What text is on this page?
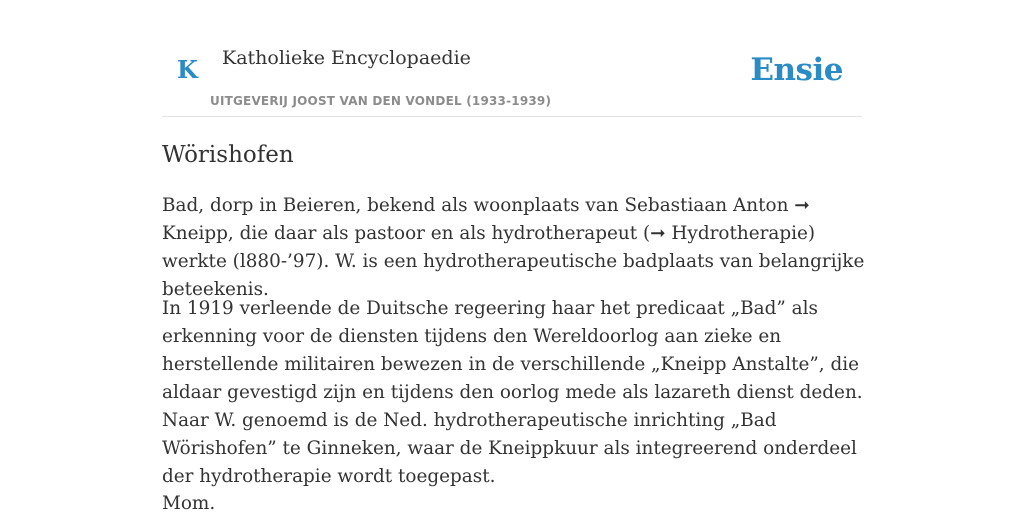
K Katholieke Encyclopaedie
UITGEVERIJ JOOST VAN DEN VONDEL (1933-1939)
Ensie
Wörishofen

Bad, dorp in Beieren, bekend als woonplaats van Sebastiaan Anton ➞ Kneipp, die daar als pastoor en als hydrotherapeut (➞ Hydrotherapie) werkte (l880-’97). W. is een hydrotherapeutische badplaats van belangrijke beteekenis.

In 1919 verleende de Duitsche regeering haar het predicaat „Bad” als erkenning voor de diensten tijdens den Wereldoorlog aan zieke en herstellende militairen bewezen in de verschillende „Kneipp Anstalte”, die aldaar gevestigd zijn en tijdens den oorlog mede als lazareth dienst deden. Naar W. genoemd is de Ned. hydrotherapeutische inrichting „Bad Wörishofen” te Ginneken, waar de Kneippkuur als integreerend onderdeel der hydrotherapie wordt toegepast.

Mom.
